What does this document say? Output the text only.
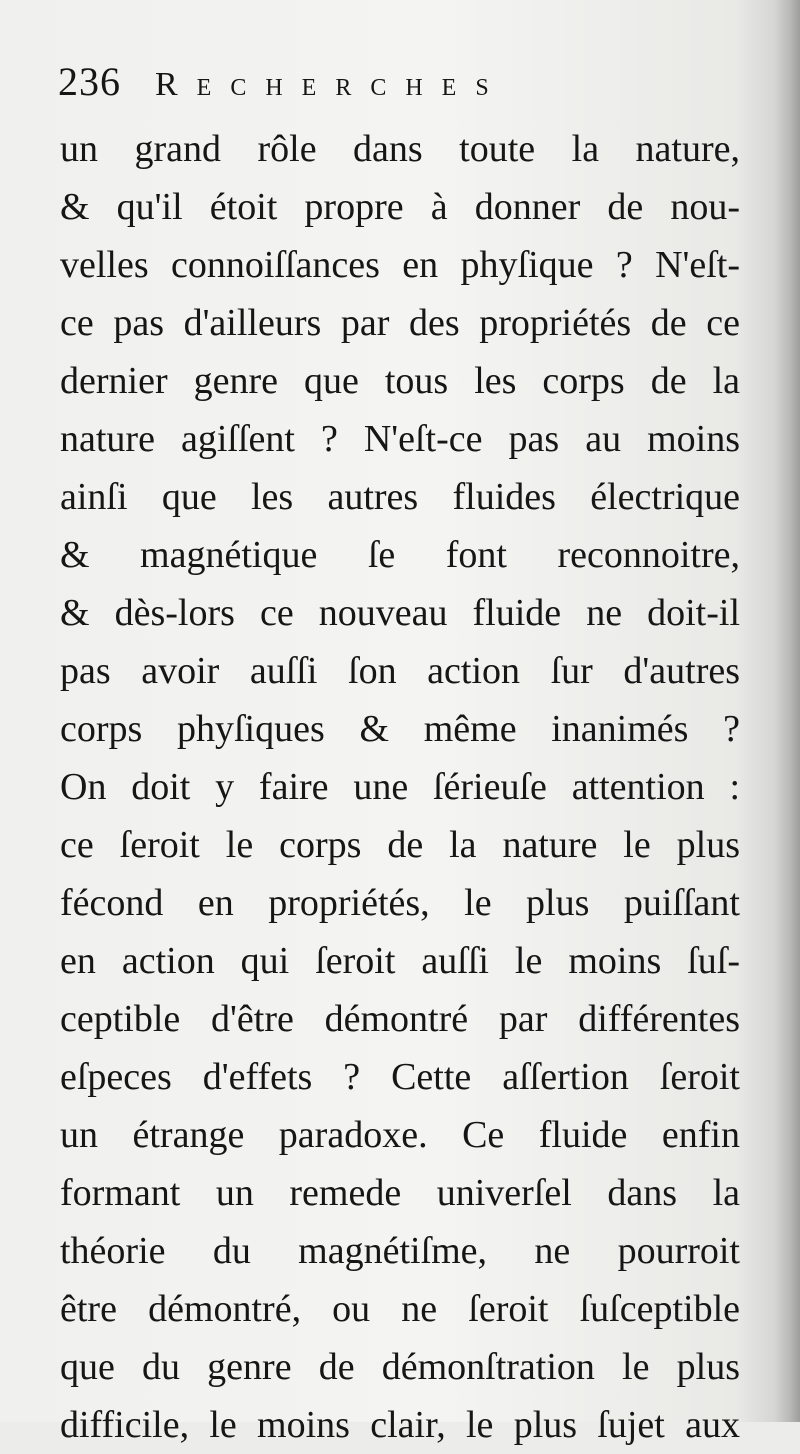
236 Recherches
un grand rôle dans toute la nature,
& qu'il étoit propre à donner de nou-
velles connoiſſances en phyſique ? N'eſt-
ce pas d'ailleurs par des propriétés de ce
dernier genre que tous les corps de la
nature agiſſent ? N'eſt-ce pas au moins
ainſi que les autres fluides électrique
& magnétique ſe font reconnoitre,
& dès-lors ce nouveau fluide ne doit-il
pas avoir auſſi ſon action ſur d'autres
corps phyſiques & même inanimés ?
On doit y faire une ſérieuſe attention :
ce ſeroit le corps de la nature le plus
fécond en propriétés, le plus puiſſant
en action qui ſeroit auſſi le moins ſuſ-
ceptible d'être démontré par différentes
eſpeces d'effets ? Cette aſſertion ſeroit
un étrange paradoxe. Ce fluide enfin
formant un remede univerſel dans la
théorie du magnétiſme, ne pourroit
être démontré, ou ne ſeroit ſuſceptible
que du genre de démonſtration le plus
difficile, le moins clair, le plus ſujet aux
